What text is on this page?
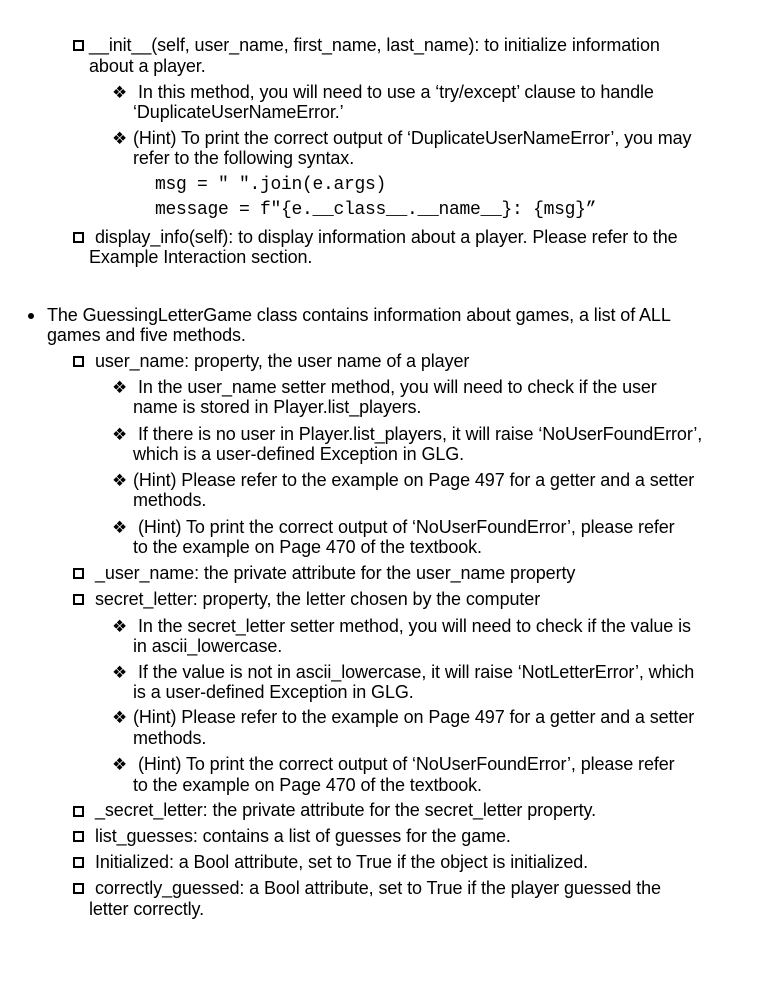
__init__(self, user_name, first_name, last_name): to initialize information
about a player.
❖ In this method, you will need to use a ‘try/except’ clause to handle
‘DuplicateUserNameError.’
❖ (Hint) To print the correct output of ‘DuplicateUserNameError’, you may
refer to the following syntax.
msg = " ".join(e.args)
message = f"{e.__class__.__name__}: {msg}”
display_info(self): to display information about a player. Please refer to the
Example Interaction section.
The GuessingLetterGame class contains information about games, a list of ALL
games and five methods.
user_name: property, the user name of a player
❖ In the user_name setter method, you will need to check if the user
name is stored in Player.list_players.
❖ If there is no user in Player.list_players, it will raise ‘NoUserFoundError’,
which is a user-defined Exception in GLG.
❖ (Hint) Please refer to the example on Page 497 for a getter and a setter
methods.
❖ (Hint) To print the correct output of ‘NoUserFoundError’, please refer
to the example on Page 470 of the textbook.
_user_name: the private attribute for the user_name property
secret_letter: property, the letter chosen by the computer
❖ In the secret_letter setter method, you will need to check if the value is
in ascii_lowercase.
❖ If the value is not in ascii_lowercase, it will raise ‘NotLetterError’, which
is a user-defined Exception in GLG.
❖ (Hint) Please refer to the example on Page 497 for a getter and a setter
methods.
❖ (Hint) To print the correct output of ‘NoUserFoundError’, please refer
to the example on Page 470 of the textbook.
_secret_letter: the private attribute for the secret_letter property.
list_guesses: contains a list of guesses for the game.
Initialized: a Bool attribute, set to True if the object is initialized.
correctly_guessed: a Bool attribute, set to True if the player guessed the
letter correctly.
